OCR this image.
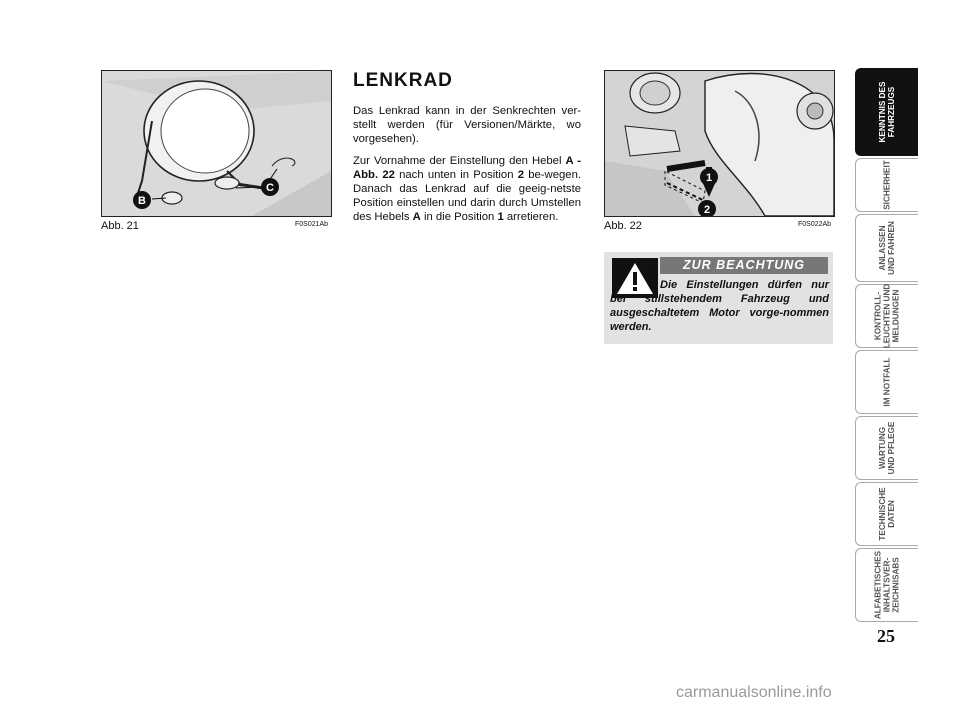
B
C
Abb. 21	F0S021Ab
LENKRAD

Das Lenkrad kann in der Senkrechten ver-stellt werden (für Versionen/Märkte, wo vorgesehen).

Zur Vornahme der Einstellung den Hebel A - Abb. 22 nach unten in Position 2 be-wegen. Danach das Lenkrad auf die geeig-netste Position einstellen und darin durch Umstellen des Hebels A in die Position 1 arretieren.

1
2
Abb. 22	F0S022Ab
ZUR BEACHTUNG
Die Einstellungen dürfen nur bei stillstehendem Fahrzeug und ausgeschaltetem Motor vorge-nommen werden.
KENNTNIS DES
FAHRZEUGS
SICHERHEIT
ANLASSEN
UND FAHREN
KONTROLL-
LEUCHTEN UND
MELDUNGEN
IM NOTFALL
WARTUNG
UND PFLEGE
TECHNISCHE
DATEN
ALFABETISCHES
INHALTSVER-
ZEICHNISABS
25
carmanualsonline.info
